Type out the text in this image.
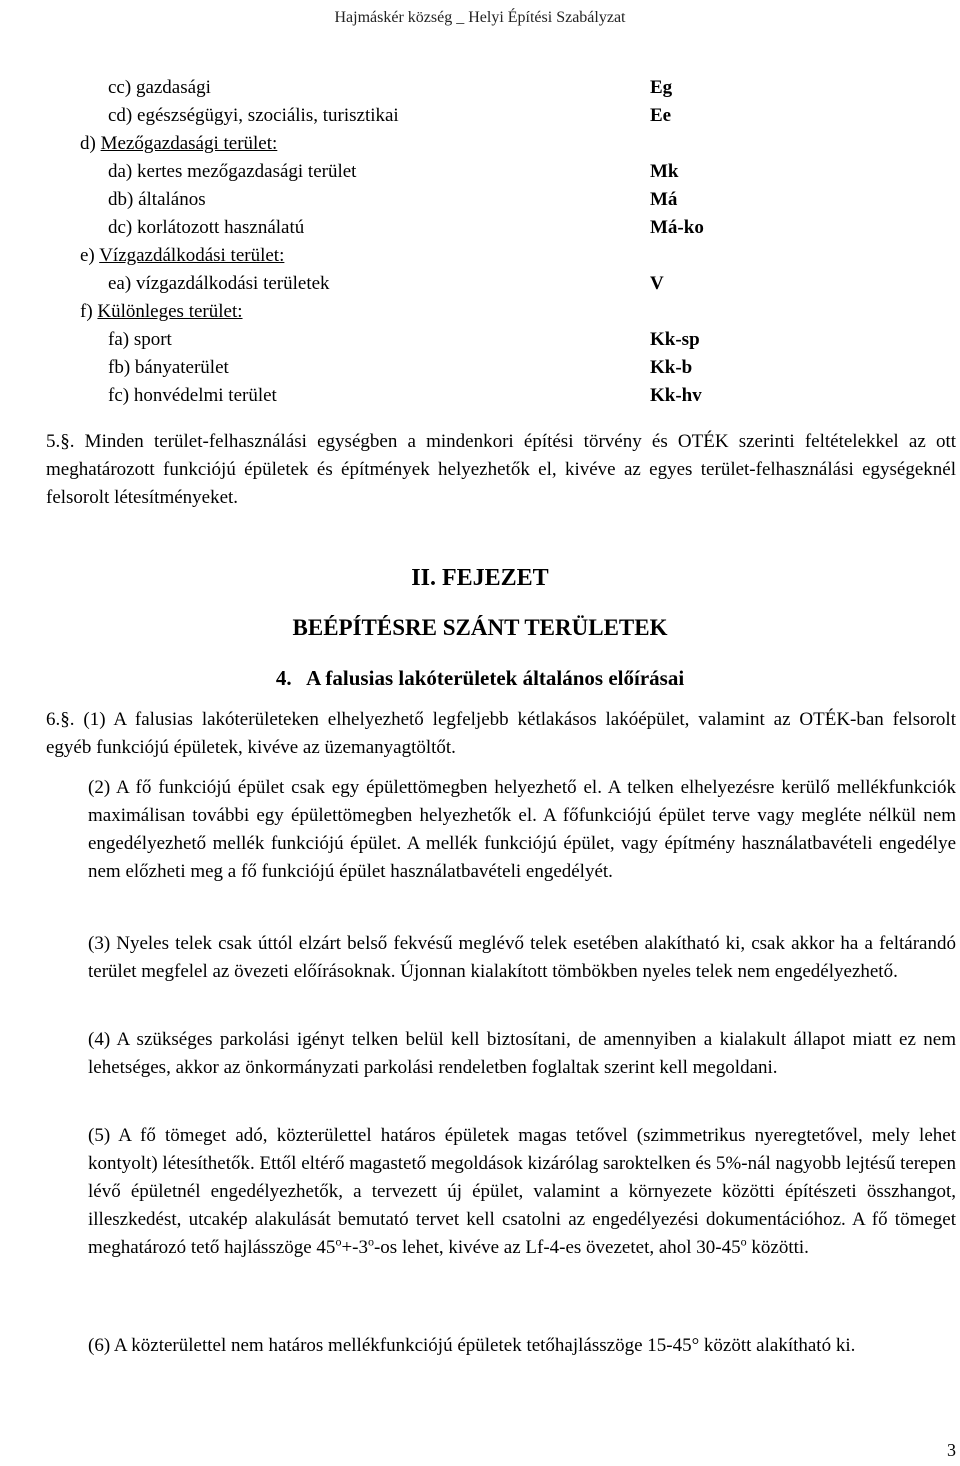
Hajmáskér község _ Helyi Építési Szabályzat
cc) gazdasági	Eg
cd) egészségügyi, szociális, turisztikai	Ee
d) Mezőgazdasági terület:
da) kertes mezőgazdasági terület	Mk
db) általános	Má
dc) korlátozott használatú	Má-ko
e) Vízgazdálkodási terület:
ea) vízgazdálkodási területek	V
f) Különleges terület:
fa) sport	Kk-sp
fb) bányaterület	Kk-b
fc) honvédelmi terület	Kk-hv
5.§. Minden terület-felhasználási egységben a mindenkori építési törvény és OTÉK szerinti feltételekkel az ott meghatározott funkciójú épületek és építmények helyezhetők el, kivéve az egyes terület-felhasználási egységeknél felsorolt létesítményeket.
II. FEJEZET
BEÉPÍTÉSRE SZÁNT TERÜLETEK
4.   A falusias lakóterületek általános előírásai
6.§. (1) A falusias lakóterületeken elhelyezhető legfeljebb kétlakásos lakóépület, valamint az OTÉK-ban felsorolt egyéb funkciójú épületek, kivéve az üzemanyagtöltőt.
(2) A fő funkciójú épület csak egy épülettömegben helyezhető el. A telken elhelyezésre kerülő mellékfunkciók maximálisan további egy épülettömegben helyezhetők el. A főfunkciójú épület terve vagy megléte nélkül nem engedélyezhető mellék funkciójú épület. A mellék funkciójú épület, vagy építmény használatbavételi engedélye nem előzheti meg a fő funkciójú épület használatbavételi engedélyét.
(3) Nyeles telek csak úttól elzárt belső fekvésű meglévő telek esetében alakítható ki, csak akkor ha a feltárandó terület megfelel az övezeti előírásoknak. Újonnan kialakított tömbökben nyeles telek nem engedélyezhető.
(4) A szükséges parkolási igényt telken belül kell biztosítani, de amennyiben a kialakult állapot miatt ez nem lehetséges, akkor az önkormányzati parkolási rendeletben foglaltak szerint kell megoldani.
(5) A fő tömeget adó, közterülettel határos épületek magas tetővel (szimmetrikus nyeregtetővel, mely lehet kontyolt) létesíthetők. Ettől eltérő magastető megoldások kizárólag saroktelken és 5%-nál nagyobb lejtésű terepen lévő épületnél engedélyezhetők, a tervezett új épület, valamint a környezete közötti építészeti összhangot, illeszkedést, utcakép alakulását bemutató tervet kell csatolni az engedélyezési dokumentációhoz. A fő tömeget meghatározó tető hajlásszöge $45^o+-3^o-os$ lehet, kivéve az Lf-4-es övezetet, ahol 30-45$^o$ közötti.
(6) A közterülettel nem határos mellékfunkciójú épületek tetőhajlásszöge 15-45° között alakítható ki.
3
